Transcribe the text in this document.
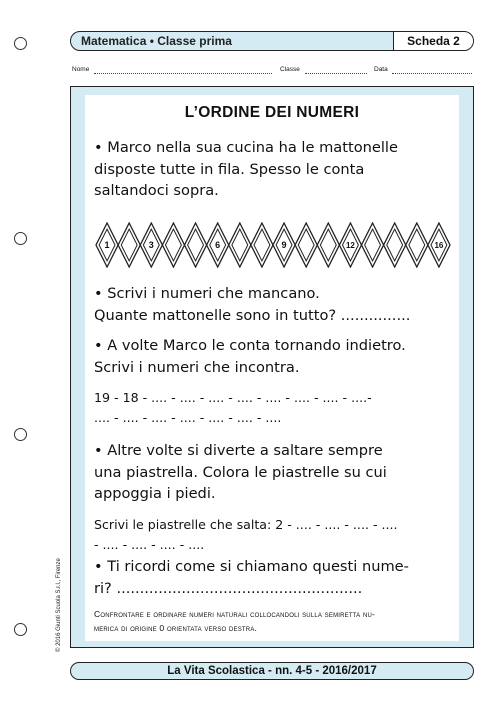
Matematica • Classe prima	Scheda 2
Nome	Classe	Data
L’ORDINE DEI NUMERI
• Marco nella sua cucina ha le mattonelle
disposte tutte in fila. Spesso le conta
saltandoci sopra.
1	3	6	9	12	16
• Scrivi i numeri che mancano.
Quante mattonelle sono in tutto? ...............
• A volte Marco le conta tornando indietro.
Scrivi i numeri che incontra.
19 - 18 - .... - .... - .... - .... - .... - .... - .... - ....-
.... - .... - .... - .... - .... - .... - ....
• Altre volte si diverte a saltare sempre
una piastrella. Colora le piastrelle su cui
appoggia i piedi.
Scrivi le piastrelle che salta: 2 - .... - .... - .... - ....
- .... - .... - .... - ....
• Ti ricordi come si chiamano questi nume-
ri? .....................................................
Confrontare e ordinare numeri naturali collocandoli sulla semiretta nu-
merica di origine 0 orientata verso destra.
La Vita Scolastica - nn. 4-5 - 2016/2017
© 2016 Giunti Scuola S.r.l., Firenze
